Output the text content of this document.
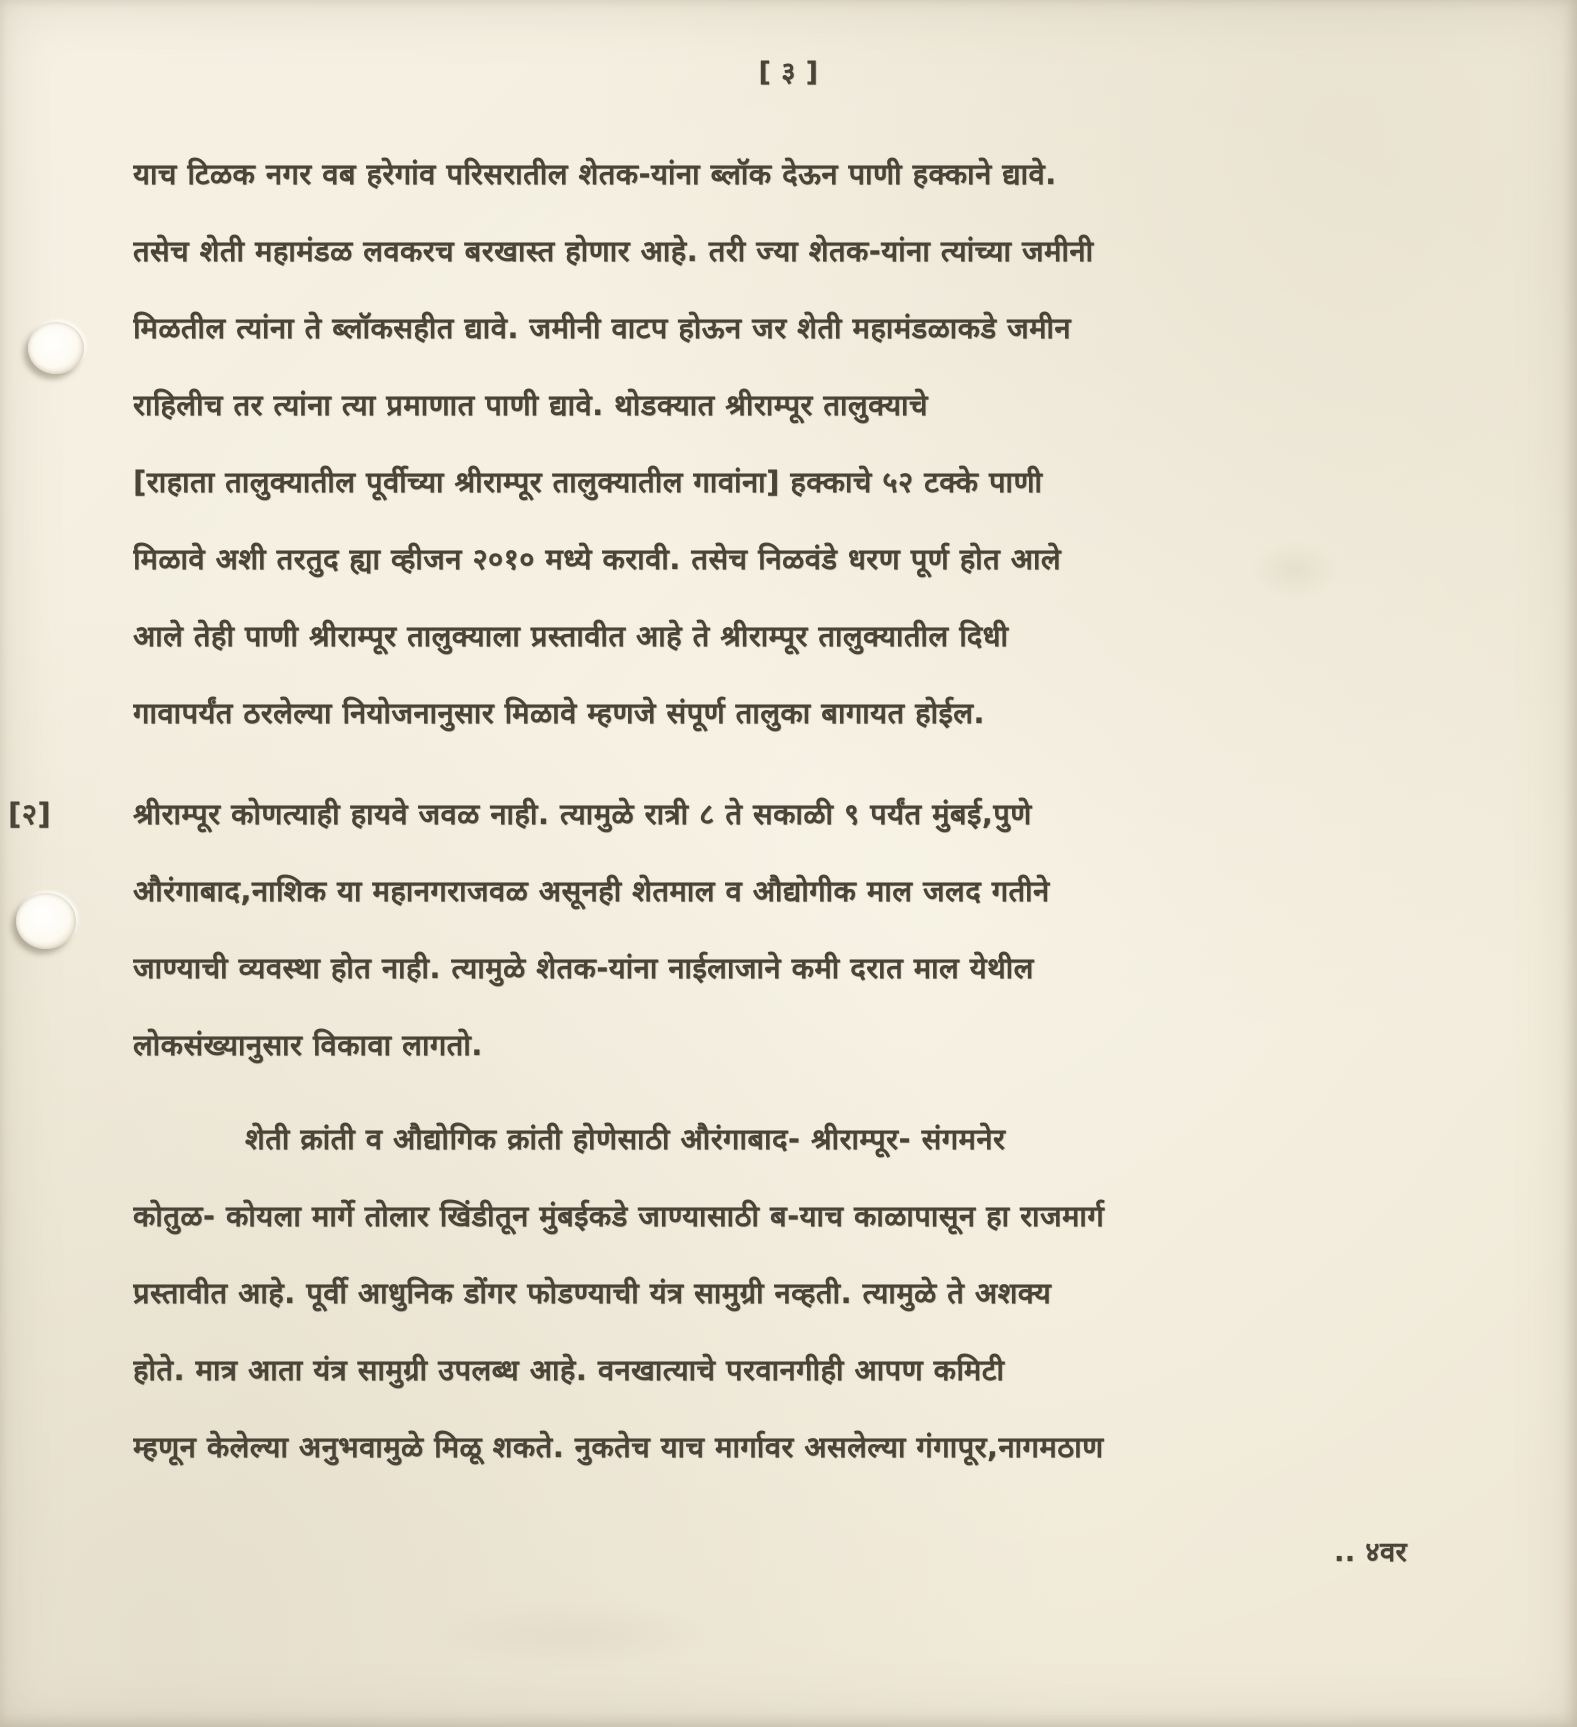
[ ३ ]
याच टिळक नगर वब हरेगांव परिसरातील शेतक-यांना ब्लॉक देऊन पाणी हक्काने द्यावे.
तसेच शेती महामंडळ लवकरच बरखास्त होणार आहे. तरी ज्या शेतक-यांना त्यांच्या जमीनी
मिळतील त्यांना ते ब्लॉकसहीत द्यावे. जमीनी वाटप होऊन जर शेती महामंडळाकडे जमीन
राहिलीच तर त्यांना त्या प्रमाणात पाणी द्यावे. थोडक्यात श्रीराम्पूर तालुक्याचे
[राहाता तालुक्यातील पूर्वीच्या श्रीराम्पूर तालुक्यातील गावांना] हक्काचे ५२ टक्के पाणी
मिळावे अशी तरतुद ह्या व्हीजन २०१० मध्ये करावी. तसेच निळवंडे धरण पूर्ण होत आले
आले तेही पाणी श्रीराम्पूर तालुक्याला प्रस्तावीत आहे ते श्रीराम्पूर तालुक्यातील दिधी
गावापर्यंत ठरलेल्या नियोजनानुसार मिळावे म्हणजे संपूर्ण तालुका बागायत होईल.
[२]	श्रीराम्पूर कोणत्याही हायवे जवळ नाही. त्यामुळे रात्री ८ ते सकाळी ९ पर्यंत मुंबई,पुणे
औरंगाबाद,नाशिक या महानगराजवळ असूनही शेतमाल व औद्योगीक माल जलद गतीने
जाण्याची व्यवस्था होत नाही. त्यामुळे शेतक-यांना नाईलाजाने कमी दरात माल येथील
लोकसंख्यानुसार विकावा लागतो.
शेती क्रांती व औद्योगिक क्रांती होणेसाठी औरंगाबाद- श्रीराम्पूर- संगमनेर
कोतुळ- कोयला मार्गे तोलार खिंडीतून मुंबईकडे जाण्यासाठी ब-याच काळापासून हा राजमार्ग
प्रस्तावीत आहे. पूर्वी आधुनिक डोंगर फोडण्याची यंत्र सामुग्री नव्हती. त्यामुळे ते अशक्य
होते. मात्र आता यंत्र सामुग्री उपलब्ध आहे. वनखात्याचे परवानगीही आपण कमिटी
म्हणून केलेल्या अनुभवामुळे मिळू शकते. नुकतेच याच मार्गावर असलेल्या गंगापूर,नागमठाण
.. ४वर
